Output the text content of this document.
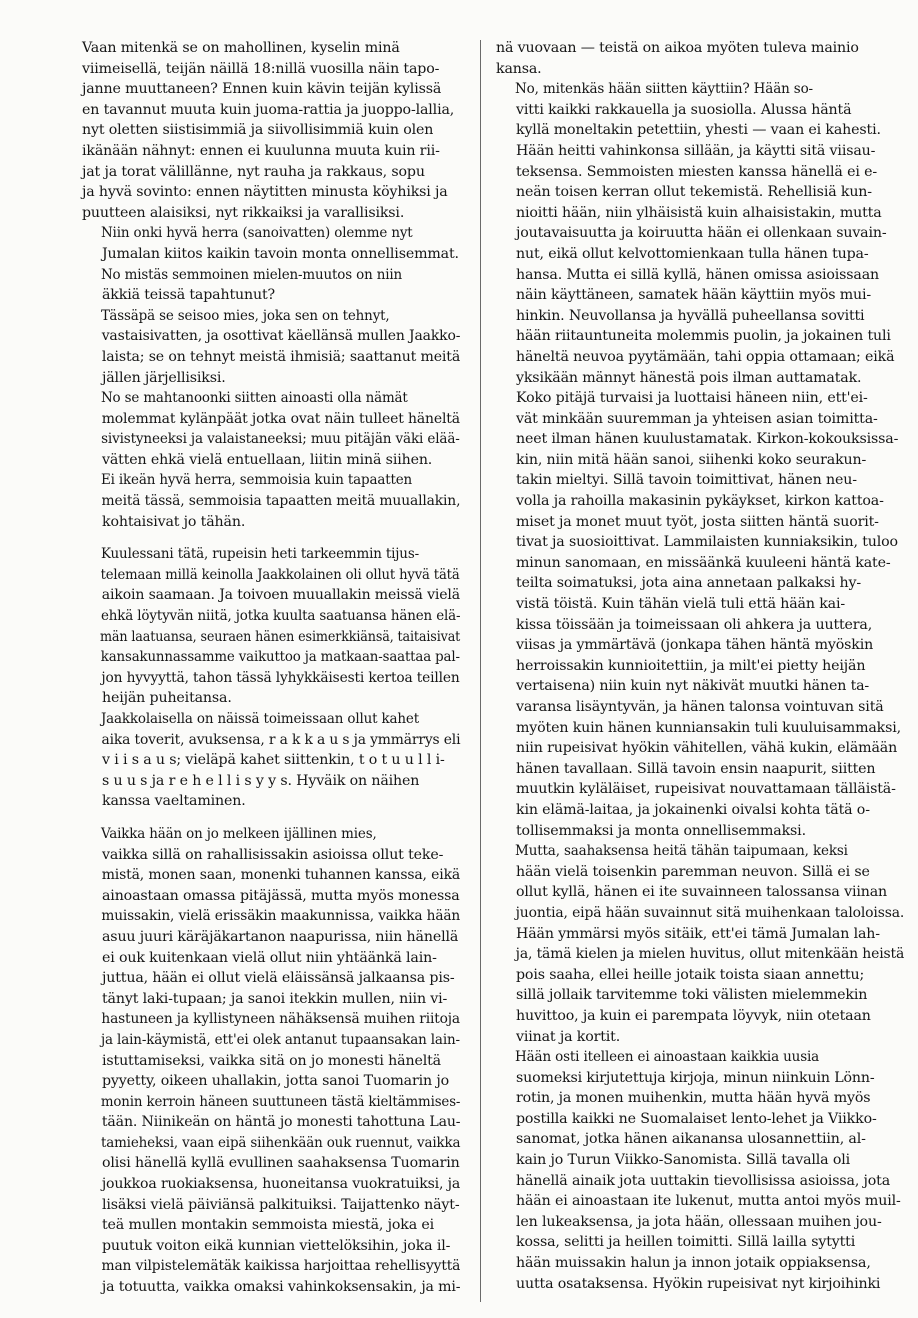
Vaan mitenkä se on mahollinen, kyselin minä
viimeisellä, teijän näillä 18:nillä vuosilla näin tapo-
janne muuttaneen? Ennen kuin kävin teijän kylissä
en tavannut muuta kuin juoma-rattia ja juoppo-lallia,
nyt oletten siistisimmiä ja siivollisimmiä kuin olen
ikänään nähnyt: ennen ei kuulunna muuta kuin rii-
jat ja torat välillänne, nyt rauha ja rakkaus, sopu
ja hyvä sovinto: ennen näytitten minusta köyhiksi ja
puutteen alaisiksi, nyt rikkaiksi ja varallisiksi.
Niin onki hyvä herra (sanoivatten) olemme nyt
Jumalan kiitos kaikin tavoin monta onnellisemmat.
No mistäs semmoinen mielen-muutos on niin
äkkiä teissä tapahtunut?
Tässäpä se seisoo mies, joka sen on tehnyt,
vastaisivatten, ja osottivat käellänsä mullen Jaakko-
laista; se on tehnyt meistä ihmisiä; saattanut meitä
jällen järjellisiksi.
No se mahtanoonki siitten ainoasti olla nämät
molemmat kylänpäät jotka ovat näin tulleet häneltä
sivistyneeksi ja valaistaneeksi; muu pitäjän väki elää-
vätten ehkä vielä entuellaan, liitin minä siihen.
Ei ikeän hyvä herra, semmoisia kuin tapaatten
meitä tässä, semmoisia tapaatten meitä muuallakin,
kohtaisivat jo tähän.
Kuulessani tätä, rupeisin heti tarkeemmin tijus-
telemaan millä keinolla Jaakkolainen oli ollut hyvä tätä
aikoin saamaan. Ja toivoen muuallakin meissä vielä
ehkä löytyvän niitä, jotka kuulta saatuansa hänen elä-
män laatuansa, seuraen hänen esimerkkiänsä, taitaisivat
kansakunnassamme vaikuttoo ja matkaan-saattaa pal-
jon hyvyyttä, tahon tässä lyhykkäisesti kertoa teillen
heijän puheitansa.
Jaakkolaisella on näissä toimeissaan ollut kahet
aika toverit, avuksensa, r a k k a u s ja ymmärrys eli
v i i s a u s; vieläpä kahet siittenkin, t o t u u l l i-
s u u s ja r e h e l l i s y y s. Hyväik on näihen
kanssa vaeltaminen.
Vaikka hään on jo melkeen ijällinen mies,
vaikka sillä on rahallisissakin asioissa ollut teke-
mistä, monen saan, monenki tuhannen kanssa, eikä
ainoastaan omassa pitäjässä, mutta myös monessa
muissakin, vielä erissäkin maakunnissa, vaikka hään
asuu juuri käräjäkartanon naapurissa, niin hänellä
ei ouk kuitenkaan vielä ollut niin yhtäänkä lain-
juttua, hään ei ollut vielä eläissänsä jalkaansa pis-
tänyt laki-tupaan; ja sanoi itekkin mullen, niin vi-
hastuneen ja kyllistyneen nähäksensä muihen riitoja
ja lain-käymistä, ett'ei olek antanut tupaansakan lain-
istuttamiseksi, vaikka sitä on jo monesti häneltä
pyyetty, oikeen uhallakin, jotta sanoi Tuomarin jo
monin kerroin häneen suuttuneen tästä kieltämmises-
tään. Niinikeän on häntä jo monesti tahottuna Lau-
tamieheksi, vaan eipä siihenkään ouk ruennut, vaikka
olisi hänellä kyllä evullinen saahaksensa Tuomarin
joukkoa ruokiaksensa, huoneitansa vuokratuiksi, ja
lisäksi vielä päiviänsä palkituiksi. Taijattenko näyt-
teä mullen montakin semmoista miestä, joka ei
puutuk voiton eikä kunnian viettelöksihin, joka il-
man vilpistelemätäk kaikissa harjoittaa rehellisyyttä
ja totuutta, vaikka omaksi vahinkoksensakin, ja mi-
nä vuovaan — teistä on aikoa myöten tuleva mainio
kansa.
No, mitenkäs hään siitten käyttiin? Hään so-
vitti kaikki rakkauella ja suosiolla. Alussa häntä
kyllä moneltakin petettiin, yhesti — vaan ei kahesti.
Hään heitti vahinkonsa sillään, ja käytti sitä viisau-
teksensa. Semmoisten miesten kanssa hänellä ei e-
neän toisen kerran ollut tekemistä. Rehellisiä kun-
nioitti hään, niin ylhäisistä kuin alhaisistakin, mutta
joutavaisuutta ja koiruutta hään ei ollenkaan suvain-
nut, eikä ollut kelvottomienkaan tulla hänen tupa-
hansa. Mutta ei sillä kyllä, hänen omissa asioissaan
näin käyttäneen, samatek hään käyttiin myös mui-
hinkin. Neuvollansa ja hyvällä puheellansa sovitti
hään riitauntuneita molemmis puolin, ja jokainen tuli
häneltä neuvoa pyytämään, tahi oppia ottamaan; eikä
yksikään männyt hänestä pois ilman auttamatak.
Koko pitäjä turvaisi ja luottaisi häneen niin, ett'ei-
vät minkään suuremman ja yhteisen asian toimitta-
neet ilman hänen kuulustamatak. Kirkon-kokouksissa-
kin, niin mitä hään sanoi, siihenki koko seurakun-
takin mieltyi. Sillä tavoin toimittivat, hänen neu-
volla ja rahoilla makasinin pykäykset, kirkon kattoa-
miset ja monet muut työt, josta siitten häntä suorit-
tivat ja suosioittivat. Lammilaisten kunniaksikin, tuloo
minun sanomaan, en missäänkä kuuleeni häntä kate-
teilta soimatuksi, jota aina annetaan palkaksi hy-
vistä töistä. Kuin tähän vielä tuli että hään kai-
kissa töissään ja toimeissaan oli ahkera ja uuttera,
viisas ja ymmärtävä (jonkapa tähen häntä myöskin
herroissakin kunnioitettiin, ja milt'ei pietty heijän
vertaisena) niin kuin nyt näkivät muutki hänen ta-
varansa lisäyntyvän, ja hänen talonsa vointuvan sitä
myöten kuin hänen kunniansakin tuli kuuluisammaksi,
niin rupeisivat hyökin vähitellen, vähä kukin, elämään
hänen tavallaan. Sillä tavoin ensin naapurit, siitten
muutkin kyläläiset, rupeisivat nouvattamaan tälläistä-
kin elämä-laitaa, ja jokainenki oivalsi kohta tätä o-
tollisemmaksi ja monta onnellisemmaksi.
Mutta, saahaksensa heitä tähän taipumaan, keksi
hään vielä toisenkin paremman neuvon. Sillä ei se
ollut kyllä, hänen ei ite suvainneen talossansa viinan
juontia, eipä hään suvainnut sitä muihenkaan taloloissa.
Hään ymmärsi myös sitäik, ett'ei tämä Jumalan lah-
ja, tämä kielen ja mielen huvitus, ollut mitenkään heistä
pois saaha, ellei heille jotaik toista siaan annettu;
sillä jollaik tarvitemme toki välisten mielemmekin
huvittoo, ja kuin ei parempata löyvyk, niin otetaan
viinat ja kortit.
Hään osti itelleen ei ainoastaan kaikkia uusia
suomeksi kirjutettuja kirjoja, minun niinkuin Lönn-
rotin, ja monen muihenkin, mutta hään hyvä myös
postilla kaikki ne Suomalaiset lento-lehet ja Viikko-
sanomat, jotka hänen aikanansa ulosannettiin, al-
kain jo Turun Viikko-Sanomista. Sillä tavalla oli
hänellä ainaik jota uuttakin tievollisissa asioissa, jota
hään ei ainoastaan ite lukenut, mutta antoi myös muil-
len lukeaksensa, ja jota hään, ollessaan muihen jou-
kossa, selitti ja heillen toimitti. Sillä lailla sytytti
hään muissakin halun ja innon jotaik oppiaksensa,
uutta osataksensa. Hyökin rupeisivat nyt kirjoihinki
